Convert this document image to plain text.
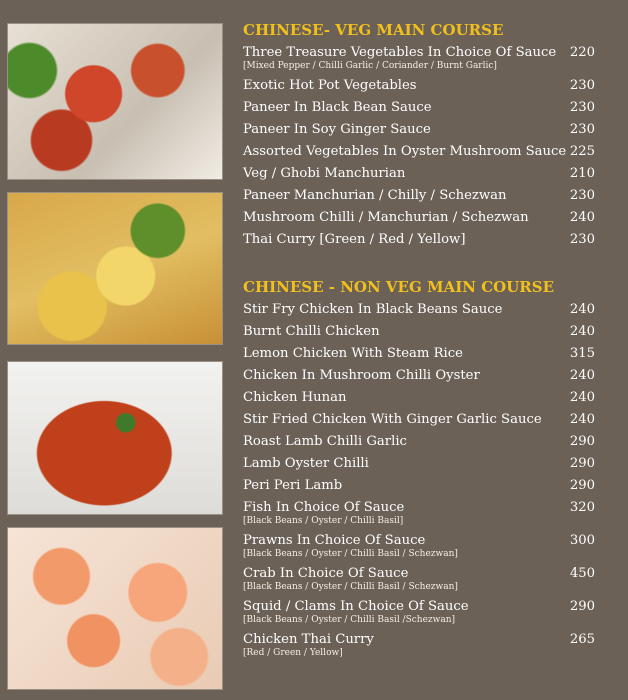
CHINESE- VEG MAIN COURSE
Three Treasure Vegetables In Choice Of Sauce	220
[Mixed Pepper / Chilli Garlic / Coriander / Burnt Garlic]
Exotic Hot Pot Vegetables	230
Paneer In Black Bean Sauce	230
Paneer In Soy Ginger Sauce	230
Assorted Vegetables In Oyster Mushroom Sauce 225
Veg / Ghobi Manchurian	210
Paneer Manchurian / Chilly / Schezwan	230
Mushroom Chilli / Manchurian / Schezwan	240
Thai Curry [Green / Red / Yellow]	230
CHINESE - NON VEG MAIN COURSE
Stir Fry Chicken In Black Beans Sauce	240
Burnt Chilli Chicken	240
Lemon Chicken With Steam Rice	315
Chicken In Mushroom Chilli Oyster	240
Chicken Hunan	240
Stir Fried Chicken With Ginger Garlic Sauce	240
Roast Lamb Chilli Garlic	290
Lamb Oyster Chilli	290
Peri Peri Lamb	290
Fish In Choice Of Sauce	320
[Black Beans / Oyster / Chilli Basil]
Prawns In Choice Of Sauce	300
[Black Beans / Oyster / Chilli Basil / Schezwan]
Crab In Choice Of Sauce	450
[Black Beans / Oyster / Chilli Basil / Schezwan]
Squid / Clams In Choice Of Sauce	290
[Black Beans / Oyster / Chilli Basil /Schezwan]
Chicken Thai Curry	265
[Red / Green / Yellow]
